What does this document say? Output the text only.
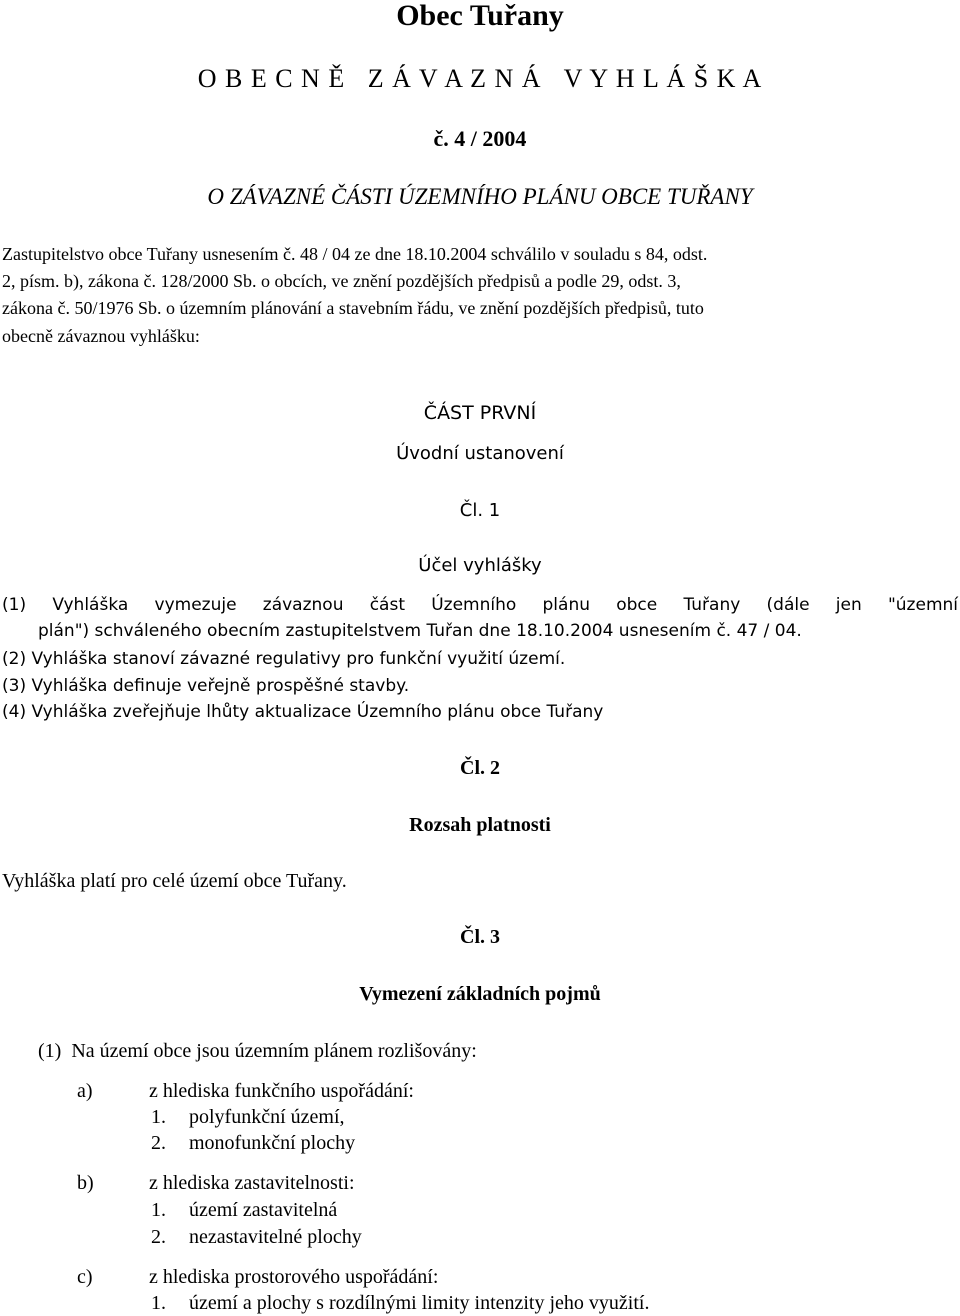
Obec Tuřany
O B E C N Ě   Z Á V A Z N Á   V Y H L Á Š K A
č. 4 / 2004
O ZÁVAZNÉ ČÁSTI ÚZEMNÍHO PLÁNU OBCE TUŘANY
Zastupitelstvo obce Tuřany usnesením č. 48 / 04 ze dne 18.10.2004 schválilo v souladu s 84, odst.
2, písm. b), zákona č. 128/2000 Sb. o obcích, ve znění pozdějších předpisů a podle 29, odst. 3,
zákona č. 50/1976 Sb. o územním plánování a stavebním řádu, ve znění pozdějších předpisů, tuto
obecně závaznou vyhlášku:
ČÁST PRVNÍ
Úvodní ustanovení
Čl. 1
Účel vyhlášky
(1) Vyhláška vymezuje závaznou část Územního plánu obce Tuřany (dále jen "územní
plán") schváleného obecním zastupitelstvem Tuřan dne 18.10.2004 usnesením č. 47 / 04.
(2) Vyhláška stanoví závazné regulativy pro funkční využití území.
(3) Vyhláška definuje veřejně prospěšné stavby.
(4) Vyhláška zveřejňuje lhůty aktualizace Územního plánu obce Tuřany
Čl. 2
Rozsah platnosti
Vyhláška platí pro celé území obce Tuřany.
Čl. 3
Vymezení základních pojmů
(1)  Na území obce jsou územním plánem rozlišovány:
a)	z hlediska funkčního uspořádání:
1. polyfunkční území,
2. monofunkční plochy
b)	z hlediska zastavitelnosti:
1. území zastavitelná
2. nezastavitelné plochy
c)	z hlediska prostorového uspořádání:
1. území a plochy s rozdílnými limity intenzity jeho využití.
